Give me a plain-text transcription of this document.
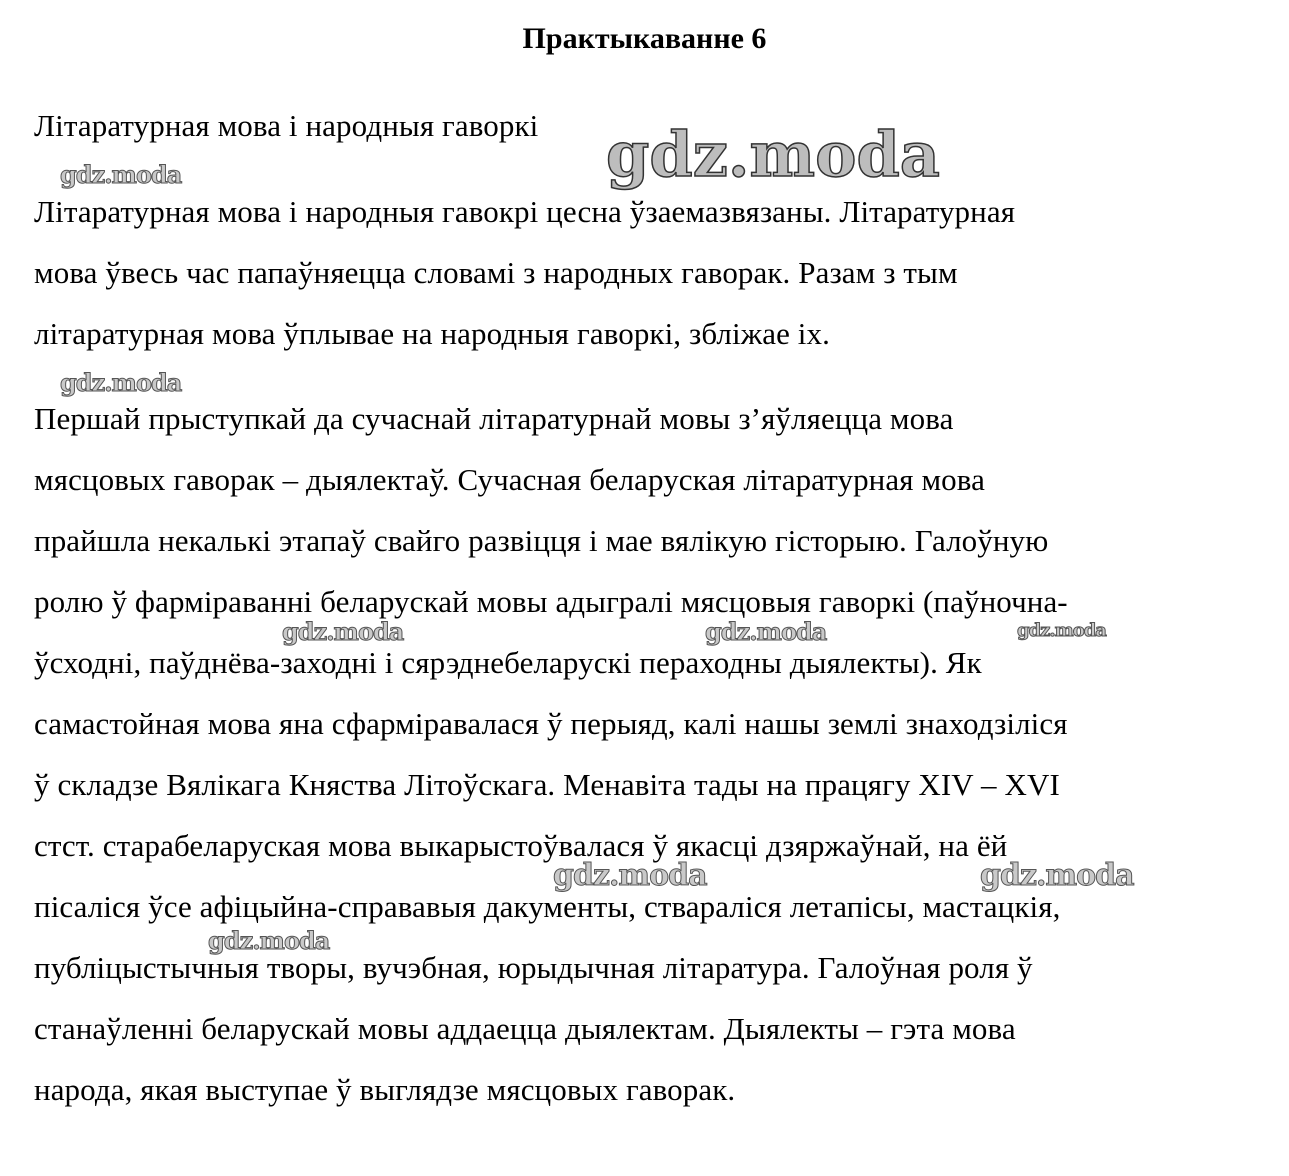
Практыкаванне 6
Літаратурная мова і народныя гаворкі
Літаратурная мова і народныя гавокрі цесна ўзаемазвязаны. Літаратурная
мова ўвесь час папаўняецца словамі з народных гаворак. Разам з тым
літаратурная мова ўплывае на народныя гаворкі, збліжае іх.
Першай прыступкай да сучаснай літаратурнай мовы з’яўляецца мова
мясцовых гаворак – дыялектаў. Сучасная беларуская літаратурная мова
прайшла некалькі этапаў свайго развіцця і мае вялікую гісторыю. Галоўную
ролю ў фарміраванні беларускай мовы адыгралі мясцовыя гаворкі (паўночна-
ўсходні, паўднёва-заходні і сярэднебеларускі пераходны дыялекты). Як
самастойная мова яна сфарміравалася ў перыяд, калі нашы землі знаходзіліся
ў складзе Вялікага Княства Літоўскага. Менавіта тады на працягу XIV – XVI
стст. старабеларуская мова выкарыстоўвалася ў якасці дзяржаўнай, на ёй
пісаліся ўсе афіцыйна-справавыя дакументы, ствараліся летапісы, мастацкія,
публіцыстычныя творы, вучэбная, юрыдычная літаратура. Галоўная роля ў
станаўленні беларускай мовы аддаецца дыялектам. Дыялекты – гэта мова
народа, якая выступае ў выглядзе мясцовых гаворак.
gdz.moda
gdz.moda
gdz.moda
gdz.moda	gdz.moda	gdz.moda
gdz.moda	gdz.moda
gdz.moda
